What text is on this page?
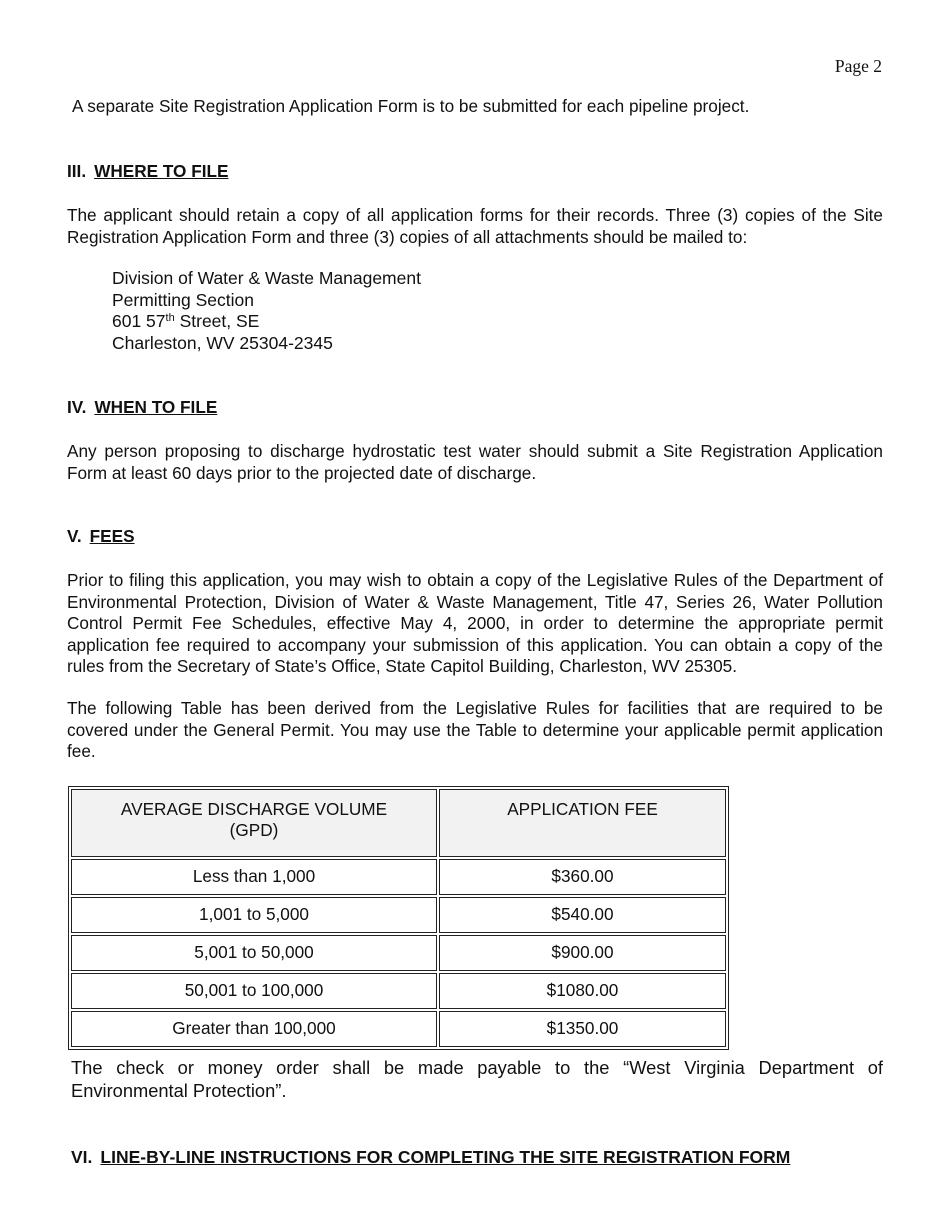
Page 2
A separate Site Registration Application Form is to be submitted for each pipeline project.
III. WHERE TO FILE
The applicant should retain a copy of all application forms for their records. Three (3) copies of the Site Registration Application Form and three (3) copies of all attachments should be mailed to:
Division of Water & Waste Management
Permitting Section
601 57th Street, SE
Charleston, WV 25304-2345
IV. WHEN TO FILE
Any person proposing to discharge hydrostatic test water should submit a Site Registration Application Form at least 60 days prior to the projected date of discharge.
V. FEES
Prior to filing this application, you may wish to obtain a copy of the Legislative Rules of the Department of Environmental Protection, Division of Water & Waste Management, Title 47, Series 26, Water Pollution Control Permit Fee Schedules, effective May 4, 2000, in order to determine the appropriate permit application fee required to accompany your submission of this application. You can obtain a copy of the rules from the Secretary of State’s Office, State Capitol Building, Charleston, WV 25305.
The following Table has been derived from the Legislative Rules for facilities that are required to be covered under the General Permit. You may use the Table to determine your applicable permit application fee.
AVERAGE DISCHARGE VOLUME
(GPD)	APPLICATION FEE
Less than 1,000	$360.00
1,001 to 5,000	$540.00
5,001 to 50,000	$900.00
50,001 to 100,000	$1080.00
Greater than 100,000	$1350.00
The check or money order shall be made payable to the “West Virginia Department of Environmental Protection”.
VI. LINE-BY-LINE INSTRUCTIONS FOR COMPLETING THE SITE REGISTRATION FORM
